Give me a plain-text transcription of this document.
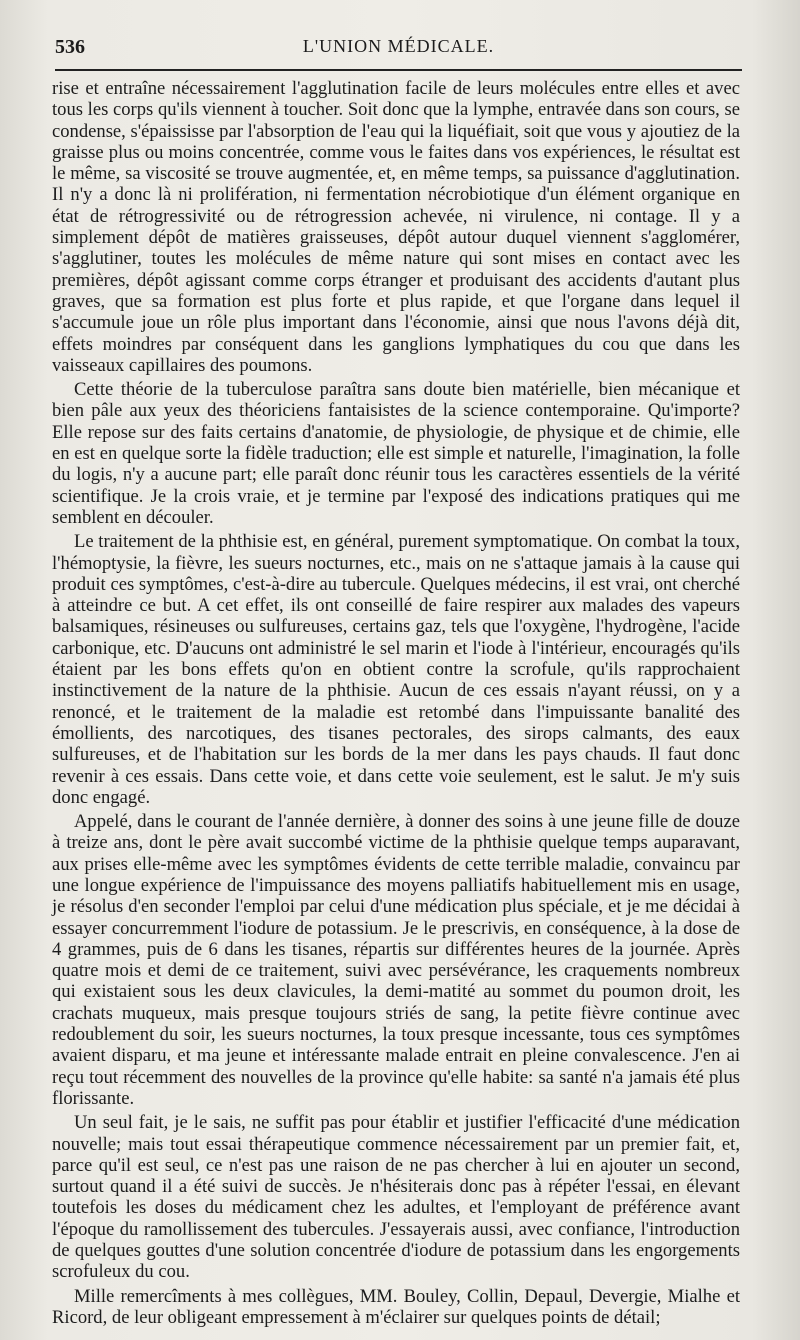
536	L'UNION MÉDICALE.

rise et entraîne nécessairement l'agglutination facile de leurs molécules entre elles et avec tous les corps qu'ils viennent à toucher. Soit donc que la lymphe, entravée dans son cours, se condense, s'épaississe par l'absorption de l'eau qui la liquéfiait, soit que vous y ajoutiez de la graisse plus ou moins concentrée, comme vous le faites dans vos expériences, le résultat est le même, sa viscosité se trouve augmentée, et, en même temps, sa puissance d'agglutination. Il n'y a donc là ni prolifération, ni fermentation nécrobiotique d'un élément organique en état de rétrogressivité ou de rétrogression achevée, ni virulence, ni contage. Il y a simplement dépôt de matières graisseuses, dépôt autour duquel viennent s'agglomérer, s'agglutiner, toutes les molécules de même nature qui sont mises en contact avec les premières, dépôt agissant comme corps étranger et produisant des accidents d'autant plus graves, que sa formation est plus forte et plus rapide, et que l'organe dans lequel il s'accumule joue un rôle plus important dans l'économie, ainsi que nous l'avons déjà dit, effets moindres par conséquent dans les ganglions lymphatiques du cou que dans les vaisseaux capillaires des poumons.

Cette théorie de la tuberculose paraîtra sans doute bien matérielle, bien mécanique et bien pâle aux yeux des théoriciens fantaisistes de la science contemporaine. Qu'importe? Elle repose sur des faits certains d'anatomie, de physiologie, de physique et de chimie, elle en est en quelque sorte la fidèle traduction; elle est simple et naturelle, l'imagination, la folle du logis, n'y a aucune part; elle paraît donc réunir tous les caractères essentiels de la vérité scientifique. Je la crois vraie, et je termine par l'exposé des indications pratiques qui me semblent en découler.

Le traitement de la phthisie est, en général, purement symptomatique. On combat la toux, l'hémoptysie, la fièvre, les sueurs nocturnes, etc., mais on ne s'attaque jamais à la cause qui produit ces symptômes, c'est-à-dire au tubercule. Quelques médecins, il est vrai, ont cherché à atteindre ce but. A cet effet, ils ont conseillé de faire respirer aux malades des vapeurs balsamiques, résineuses ou sulfureuses, certains gaz, tels que l'oxygène, l'hydrogène, l'acide carbonique, etc. D'aucuns ont administré le sel marin et l'iode à l'intérieur, encouragés qu'ils étaient par les bons effets qu'on en obtient contre la scrofule, qu'ils rapprochaient instinctivement de la nature de la phthisie. Aucun de ces essais n'ayant réussi, on y a renoncé, et le traitement de la maladie est retombé dans l'impuissante banalité des émollients, des narcotiques, des tisanes pectorales, des sirops calmants, des eaux sulfureuses, et de l'habitation sur les bords de la mer dans les pays chauds. Il faut donc revenir à ces essais. Dans cette voie, et dans cette voie seulement, est le salut. Je m'y suis donc engagé.

Appelé, dans le courant de l'année dernière, à donner des soins à une jeune fille de douze à treize ans, dont le père avait succombé victime de la phthisie quelque temps auparavant, aux prises elle-même avec les symptômes évidents de cette terrible maladie, convaincu par une longue expérience de l'impuissance des moyens palliatifs habituellement mis en usage, je résolus d'en seconder l'emploi par celui d'une médication plus spéciale, et je me décidai à essayer concurremment l'iodure de potassium. Je le prescrivis, en conséquence, à la dose de 4 grammes, puis de 6 dans les tisanes, répartis sur différentes heures de la journée. Après quatre mois et demi de ce traitement, suivi avec persévérance, les craquements nombreux qui existaient sous les deux clavicules, la demi-matité au sommet du poumon droit, les crachats muqueux, mais presque toujours striés de sang, la petite fièvre continue avec redoublement du soir, les sueurs nocturnes, la toux presque incessante, tous ces symptômes avaient disparu, et ma jeune et intéressante malade entrait en pleine convalescence. J'en ai reçu tout récemment des nouvelles de la province qu'elle habite: sa santé n'a jamais été plus florissante.

Un seul fait, je le sais, ne suffit pas pour établir et justifier l'efficacité d'une médication nouvelle; mais tout essai thérapeutique commence nécessairement par un premier fait, et, parce qu'il est seul, ce n'est pas une raison de ne pas chercher à lui en ajouter un second, surtout quand il a été suivi de succès. Je n'hésiterais donc pas à répéter l'essai, en élevant toutefois les doses du médicament chez les adultes, et l'employant de préférence avant l'époque du ramollissement des tubercules. J'essayerais aussi, avec confiance, l'introduction de quelques gouttes d'une solution concentrée d'iodure de potassium dans les engorgements scrofuleux du cou.

Mille remercîments à mes collègues, MM. Bouley, Collin, Depaul, Devergie, Mialhe et Ricord, de leur obligeant empressement à m'éclairer sur quelques points de détail;
